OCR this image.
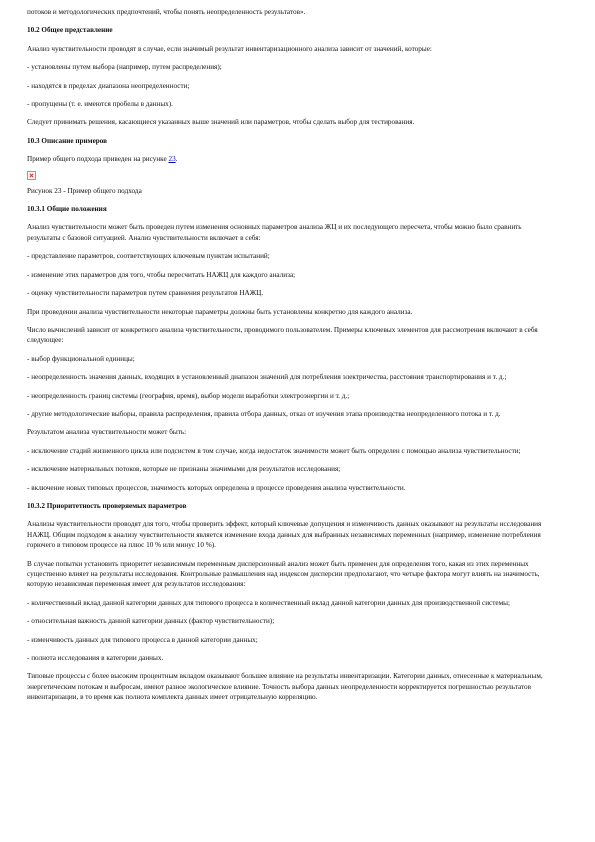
потоков и методологических предпочтений, чтобы понять неопределенность результатов».

10.2 Общее представление

Анализ чувствительности проводят в случае, если значимый результат инвентаризационного анализа зависит от значений, которые:

- установлены путем выбора (например, путем распределения);

- находятся в пределах диапазона неопределенности;

- пропущены (т. е. имеются пробелы в данных).

Следует принимать решения, касающиеся указанных выше значений или параметров, чтобы сделать выбор для тестирования.

10.3 Описание примеров

Пример общего подхода приведен на рисунке 23.

Рисунок 23 - Пример общего подхода

10.3.1 Общие положения

Анализ чувствительности может быть проведен путем изменения основных параметров анализа ЖЦ и их последующего пересчета, чтобы можно было сравнить результаты с базовой ситуацией. Анализ чувствительности включает в себя:

- представление параметров, соответствующих ключевым пунктам испытаний;

- изменение этих параметров для того, чтобы пересчитать НАЖЦ для каждого анализа;

- оценку чувствительности параметров путем сравнения результатов НАЖЦ.

При проведении анализа чувствительности некоторые параметры должны быть установлены конкретно для каждого анализа.

Число вычислений зависит от конкретного анализа чувствительности, проводимого пользователем. Примеры ключевых элементов для рассмотрения включают в себя следующее:

- выбор функциональной единицы;

- неопределенность значения данных, входящих в установленный диапазон значений для потребления электричества, расстояния транспортирования и т. д.;

- неопределенность границ системы (география, время), выбор модели выработки электроэнергии и т. д.;

- другие методологические выборы, правила распределения, правила отбора данных, отказ от изучения этапа производства неопределенного потока и т. д.

Результатом анализа чувствительности может быть:

- исключение стадий жизненного цикла или подсистем в том случае, когда недостаток значимости может быть определен с помощью анализа чувствительности;

- исключение материальных потоков, которые не признаны значимыми для результатов исследования;

- включение новых типовых процессов, значимость которых определена в процессе проведения анализа чувствительности.

10.3.2 Приоритетность проверяемых параметров

Анализы чувствительности проводят для того, чтобы проверить эффект, который ключевые допущения и изменчивость данных оказывают на результаты исследования НАЖЦ. Общим подходом к анализу чувствительности является изменение входа данных для выбранных независимых переменных (например, изменение потребления горючего в типовом процессе на плюс 10 % или минус 10 %).

В случае попытки установить приоритет независимым переменным дисперсионный анализ может быть применен для определения того, какая из этих переменных существенно влияет на результаты исследования. Контрольные размышления над индексом дисперсии предполагают, что четыре фактора могут влиять на значимость, которую независимая переменная имеет для результатов исследования:

- количественный вклад данной категории данных для типового процесса в количественный вклад данной категории данных для производственной системы;

- относительная важность данной категории данных (фактор чувствительности);

- изменчивость данных для типового процесса в данной категории данных;

- полнота исследования в категории данных.

Типовые процессы с более высоким процентным вкладом оказывают большее влияние на результаты инвентаризации. Категории данных, отнесенные к материальным, энергетическим потокам и выбросам, имеют разное экологическое влияние. Точность выбора данных неопределенности корректируется погрешностью результатов инвентаризации, в то время как полнота комплекта данных имеет отрицательную корреляцию.
